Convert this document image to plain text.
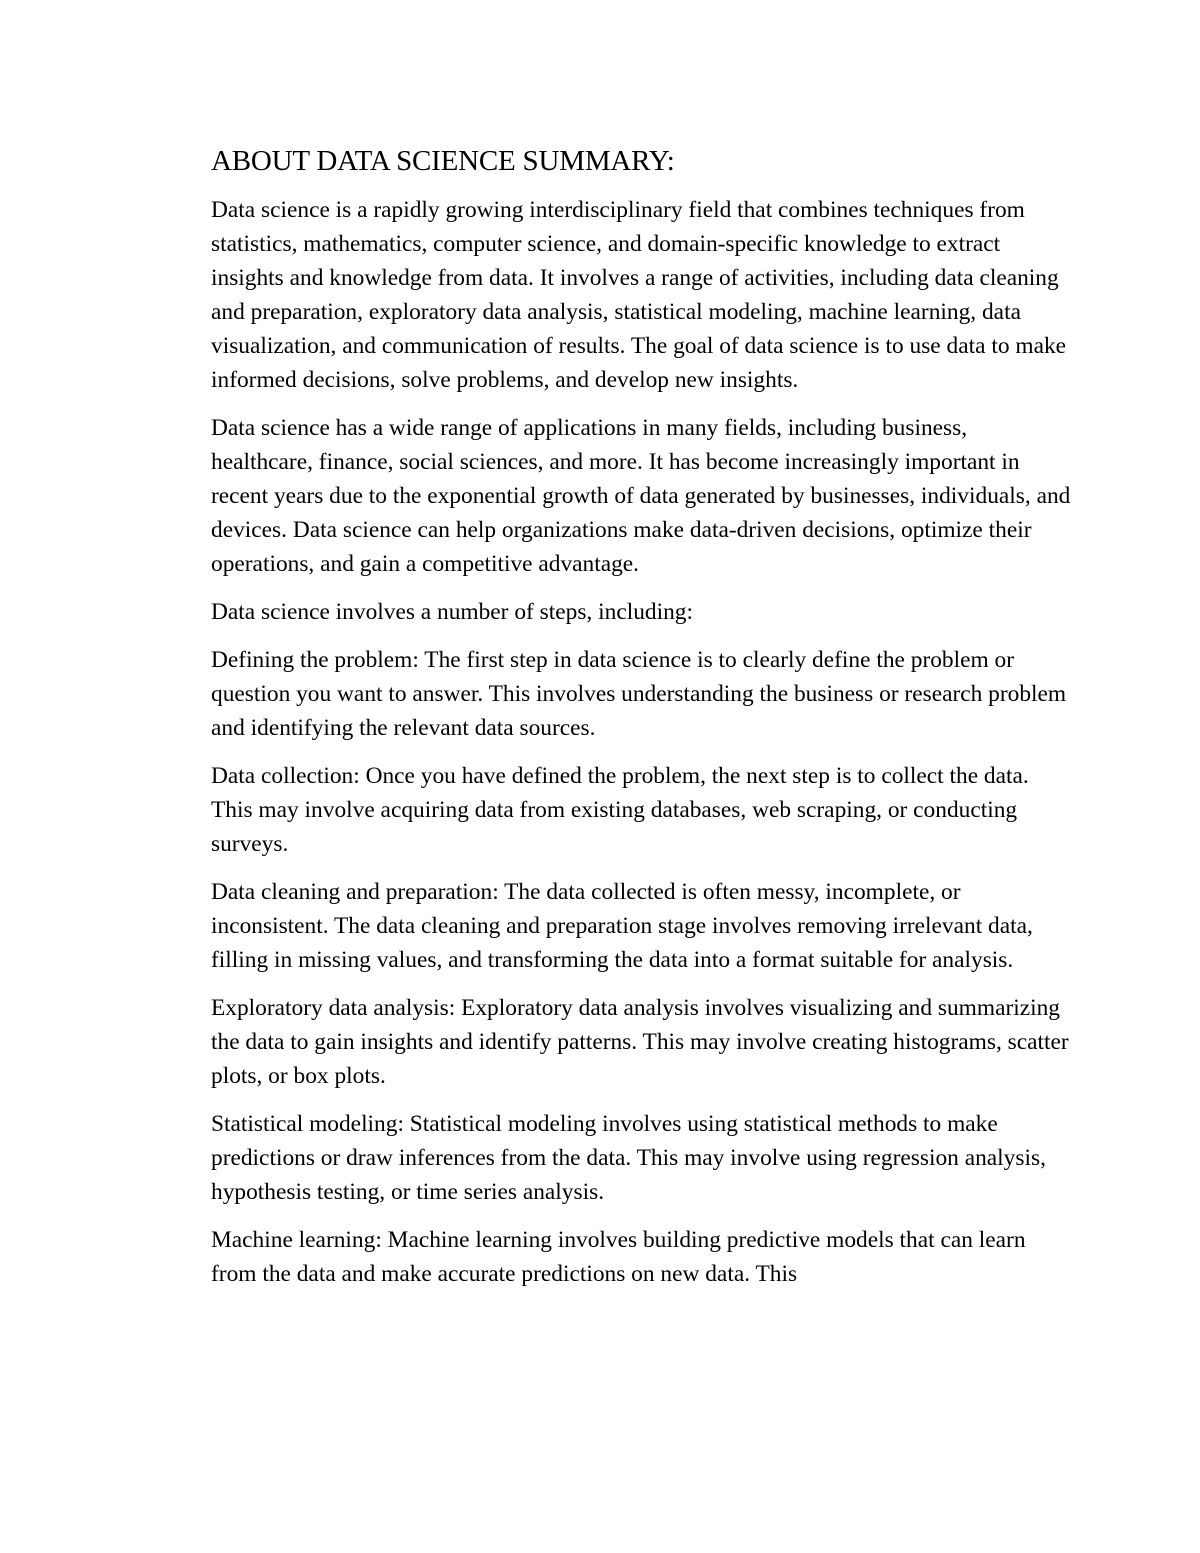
ABOUT DATA SCIENCE SUMMARY:

Data science is a rapidly growing interdisciplinary field that combines techniques from statistics, mathematics, computer science, and domain-specific knowledge to extract insights and knowledge from data. It involves a range of activities, including data cleaning and preparation, exploratory data analysis, statistical modeling, machine learning, data visualization, and communication of results. The goal of data science is to use data to make informed decisions, solve problems, and develop new insights.

Data science has a wide range of applications in many fields, including business, healthcare, finance, social sciences, and more. It has become increasingly important in recent years due to the exponential growth of data generated by businesses, individuals, and devices. Data science can help organizations make data-driven decisions, optimize their operations, and gain a competitive advantage.

Data science involves a number of steps, including:

Defining the problem: The first step in data science is to clearly define the problem or question you want to answer. This involves understanding the business or research problem and identifying the relevant data sources.

Data collection: Once you have defined the problem, the next step is to collect the data. This may involve acquiring data from existing databases, web scraping, or conducting surveys.

Data cleaning and preparation: The data collected is often messy, incomplete, or inconsistent. The data cleaning and preparation stage involves removing irrelevant data, filling in missing values, and transforming the data into a format suitable for analysis.

Exploratory data analysis: Exploratory data analysis involves visualizing and summarizing the data to gain insights and identify patterns. This may involve creating histograms, scatter plots, or box plots.

Statistical modeling: Statistical modeling involves using statistical methods to make predictions or draw inferences from the data. This may involve using regression analysis, hypothesis testing, or time series analysis.

Machine learning: Machine learning involves building predictive models that can learn from the data and make accurate predictions on new data. This
